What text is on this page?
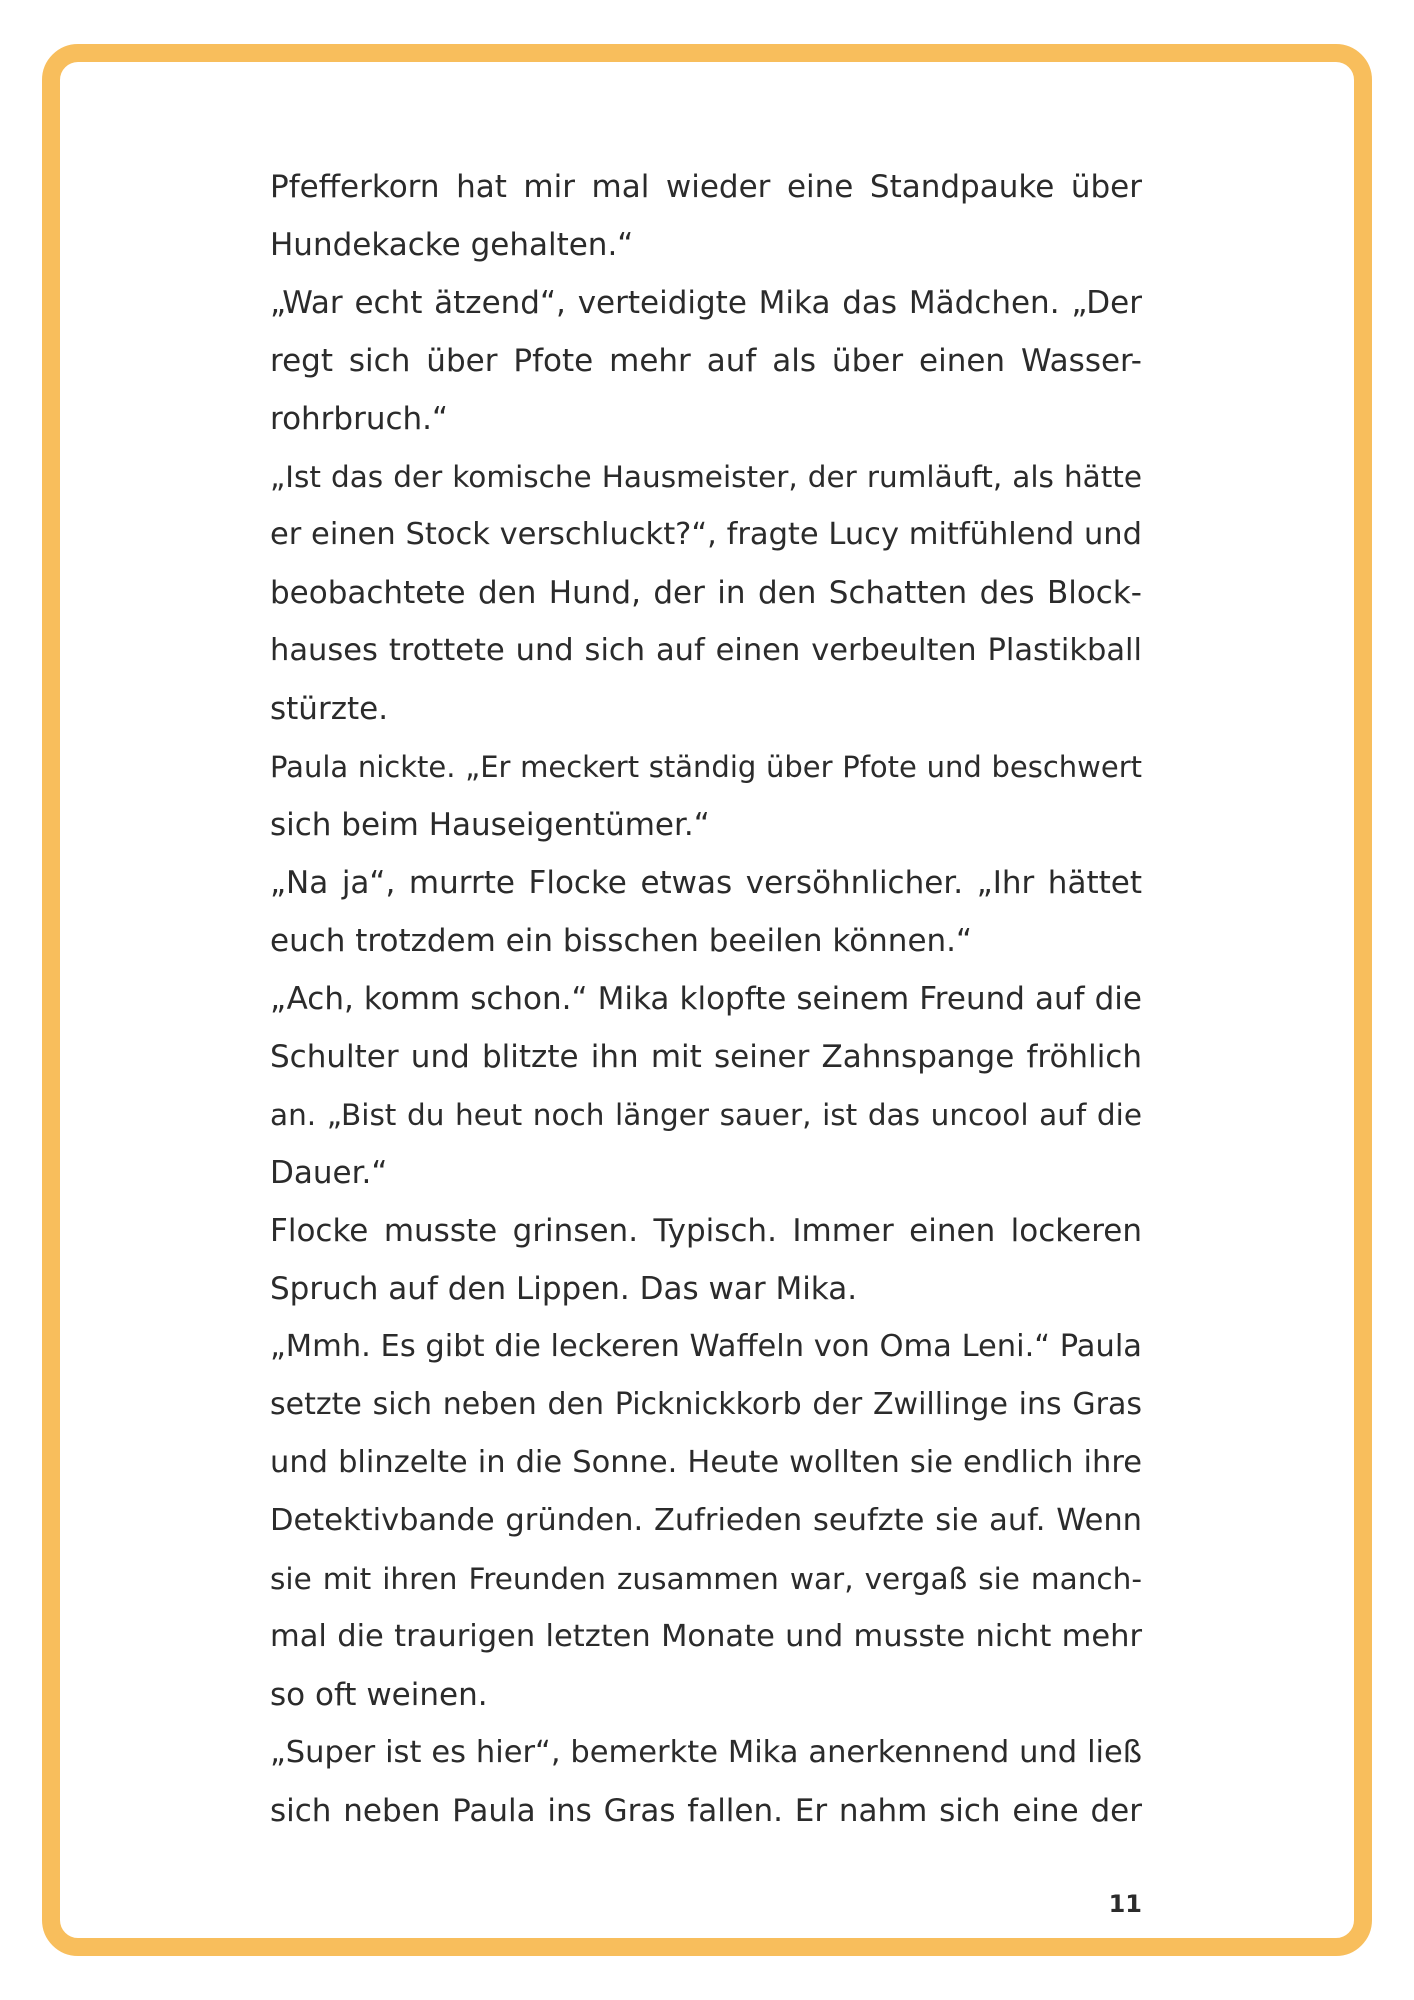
Pfefferkorn hat mir mal wieder eine Standpauke über
Hundekacke gehalten.“
„War echt ätzend“, verteidigte Mika das Mädchen. „Der
regt sich über Pfote mehr auf als über einen Wasser-
rohrbruch.“
„Ist das der komische Hausmeister, der rumläuft, als hätte
er einen Stock verschluckt?“, fragte Lucy mitfühlend und
beobachtete den Hund, der in den Schatten des Block-
hauses trottete und sich auf einen verbeulten Plastikball
stürzte.
Paula nickte. „Er meckert ständig über Pfote und beschwert
sich beim Hauseigentümer.“
„Na ja“, murrte Flocke etwas versöhnlicher. „Ihr hättet
euch trotzdem ein bisschen beeilen können.“
„Ach, komm schon.“ Mika klopfte seinem Freund auf die
Schulter und blitzte ihn mit seiner Zahnspange fröhlich
an. „Bist du heut noch länger sauer, ist das uncool auf die
Dauer.“
Flocke musste grinsen. Typisch. Immer einen lockeren
Spruch auf den Lippen. Das war Mika.
„Mmh. Es gibt die leckeren Waffeln von Oma Leni.“ Paula
setzte sich neben den Picknickkorb der Zwillinge ins Gras
und blinzelte in die Sonne. Heute wollten sie endlich ihre
Detektivbande gründen. Zufrieden seufzte sie auf. Wenn
sie mit ihren Freunden zusammen war, vergaß sie manch-
mal die traurigen letzten Monate und musste nicht mehr
so oft weinen.
„Super ist es hier“, bemerkte Mika anerkennend und ließ
sich neben Paula ins Gras fallen. Er nahm sich eine der
11
